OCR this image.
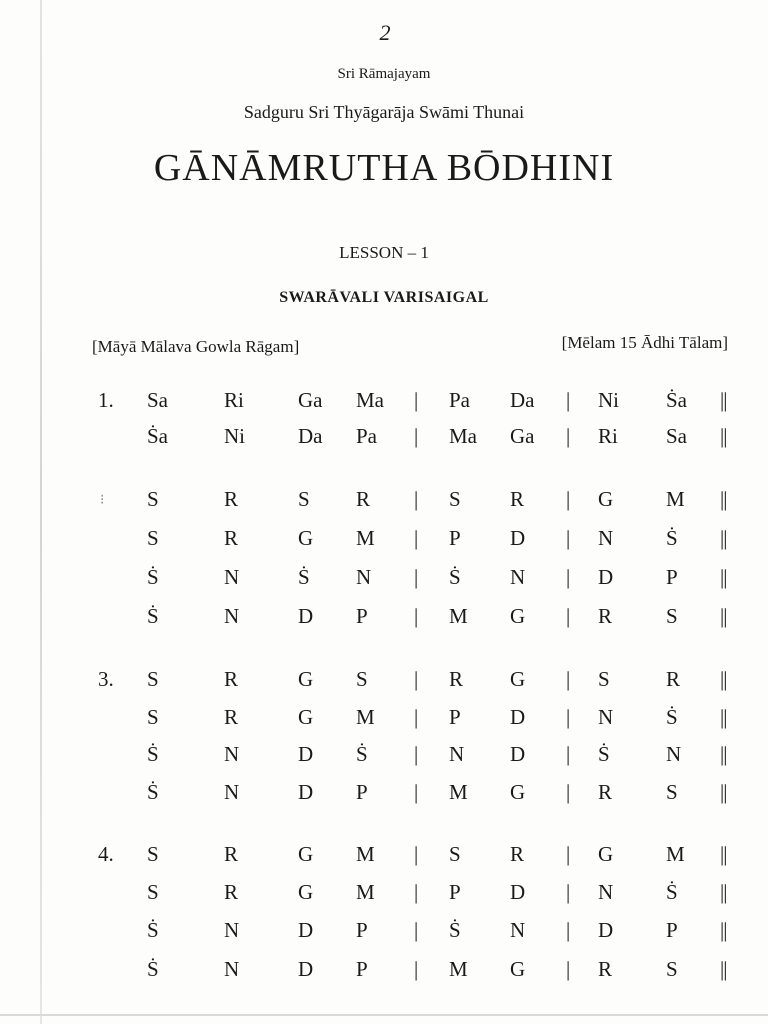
2
Sri Rāmajayam
Sadguru Sri Thyāgarāja Swāmi Thunai
GĀNĀMRUTHA BŌDHINI
LESSON – 1
SWARĀVALI VARISAIGAL
[Māyā Mālava Gowla Rāgam]	[Mēlam 15 Ādhi Tālam]
⁝
1. Sa	Ri	Ga Ma | Pa Da | Ni Ṡa ||
Ṡa	Ni	Da Pa | Ma Ga | Ri Sa ||
S	R	S R | S R | G	M ||
S	R	G M | P D | N	Ṡ ||
Ṡ	N	Ṡ N | Ṡ N | D	P ||
Ṡ	N	D P | M G | R	S ||
3. S	R	G S | R G | S	R ||
S	R	G M | P D | N	Ṡ ||
Ṡ	N	D Ṡ | N D | Ṡ	N ||
Ṡ	N	D P | M G | R	S ||
4. S	R	G M | S R | G	M ||
S	R	G M | P D | N	Ṡ ||
Ṡ	N	D P | Ṡ N | D	P ||
Ṡ	N	D P | M G | R	S ||
